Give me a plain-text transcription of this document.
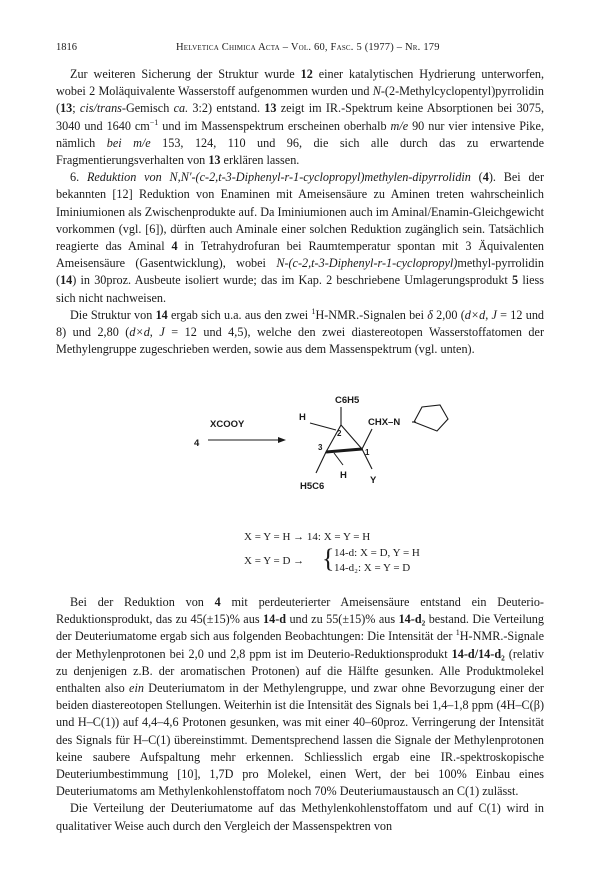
1816	Helvetica Chimica Acta – Vol. 60, Fasc. 5 (1977) – Nr. 179

Zur weiteren Sicherung der Struktur wurde 12 einer katalytischen Hydrierung unterworfen, wobei 2 Moläquivalente Wasserstoff aufgenommen wurden und N-(2-Methylcyclopentyl)pyrrolidin (13; cis/trans-Gemisch ca. 3:2) entstand. 13 zeigt im IR.-Spektrum keine Absorptionen bei 3075, 3040 und 1640 $cm^{-1}$ und im Massenspektrum erscheinen oberhalb m/e 90 nur vier intensive Pike, nämlich bei m/e 153, 124, 110 und 96, die sich alle durch das zu erwartende Fragmentierungsverhalten von 13 erklären lassen.

6. Reduktion von N,N′-(c-2,t-3-Diphenyl-r-1-cyclopropyl)methylen-dipyrrolidin (4). Bei der bekannten [12] Reduktion von Enaminen mit Ameisensäure zu Aminen treten wahrscheinlich Iminiumionen als Zwischenprodukte auf. Da Iminiumionen auch im Aminal/Enamin-Gleichgewicht vorkommen (vgl. [6]), dürften auch Aminale einer solchen Reduktion zugänglich sein. Tatsächlich reagierte das Aminal 4 in Tetrahydrofuran bei Raumtemperatur spontan mit 3 Äquivalenten Ameisensäure (Gasentwicklung), wobei N-(c-2,t-3-Diphenyl-r-1-cyclopropyl)methyl-pyrrolidin (14) in 30proz. Ausbeute isoliert wurde; das im Kap. 2 beschriebene Umlagerungsprodukt 5 liess sich nicht nachweisen.

Die Struktur von 14 ergab sich u.a. aus den zwei $^1$H-NMR.-Signalen bei δ 2,00 (d×d, J = 12 und 8) und 2,80 (d×d, J = 12 und 4,5), welche den zwei diastereotopen Wasserstoffatomen der Methylengruppe zugeschrieben werden, sowie aus dem Massenspektrum (vgl. unten).

4
XCOOY
C6H5
H
2
3
1
CHX–N
Y
H
H5C6
X = Y = H → 14: X = Y = H
X = Y = D → { 14-d: X = D, Y = H
14-d₂: X = Y = D

Bei der Reduktion von 4 mit perdeuterierter Ameisensäure entstand ein Deuterio-Reduktionsprodukt, das zu 45(±15)% aus 14-d und zu 55(±15)% aus 14-d₂ bestand. Die Verteilung der Deuteriumatome ergab sich aus folgenden Beobachtungen: Die Intensität der $^1$H-NMR.-Signale der Methylenprotonen bei 2,0 und 2,8 ppm ist im Deuterio-Reduktionsprodukt 14-d/14-d₂ (relativ zu denjenigen z.B. der aromatischen Protonen) auf die Hälfte gesunken. Alle Produktmolekel enthalten also ein Deuteriumatom in der Methylengruppe, und zwar ohne Bevorzugung einer der beiden diastereotopen Stellungen. Weiterhin ist die Intensität des Signals bei 1,4–1,8 ppm (4H–C(β) und H–C(1)) auf 4,4–4,6 Protonen gesunken, was mit einer 40–60proz. Verringerung der Intensität des Signals für H–C(1) übereinstimmt. Dementsprechend lassen die Signale der Methylenprotonen keine saubere Aufspaltung mehr erkennen. Schliesslich ergab eine IR.-spektroskopische Deuteriumbestimmung [10], 1,7D pro Molekel, einen Wert, der bei 100% Einbau eines Deuteriumatoms am Methylenkohlenstoffatom noch 70% Deuteriumaustausch an C(1) zulässt.

Die Verteilung der Deuteriumatome auf das Methylenkohlenstoffatom und auf C(1) wird in qualitativer Weise auch durch den Vergleich der Massenspektren von
